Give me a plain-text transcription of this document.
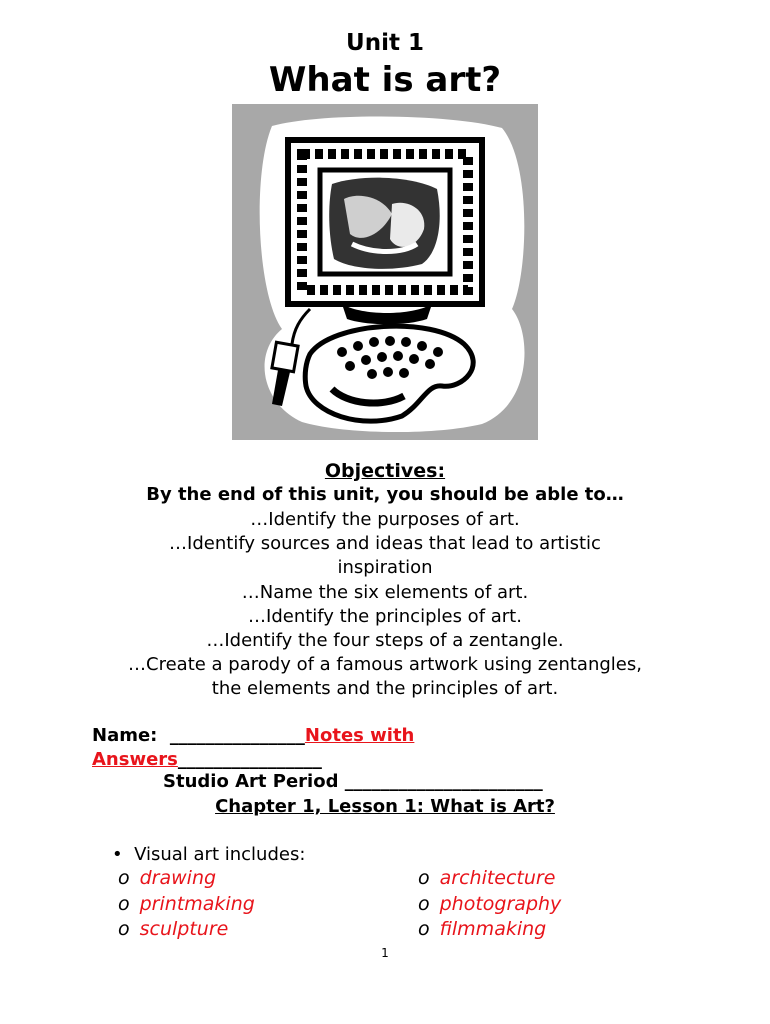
Unit 1
What is art?
Objectives:
By the end of this unit, you should be able to…
…Identify the purposes of art.
…Identify sources and ideas that lead to artistic
inspiration
…Name the six elements of art.
…Identify the principles of art.
…Identify the four steps of a zentangle.
…Create a parody of a famous artwork using zentangles,
the elements and the principles of art.
Name: _______________Notes with
Answers________________
Studio Art Period ______________________
Chapter 1, Lesson 1: What is Art?
•  Visual art includes:
o drawing
o printmaking
o sculpture
o architecture
o photography
o filmmaking
1
